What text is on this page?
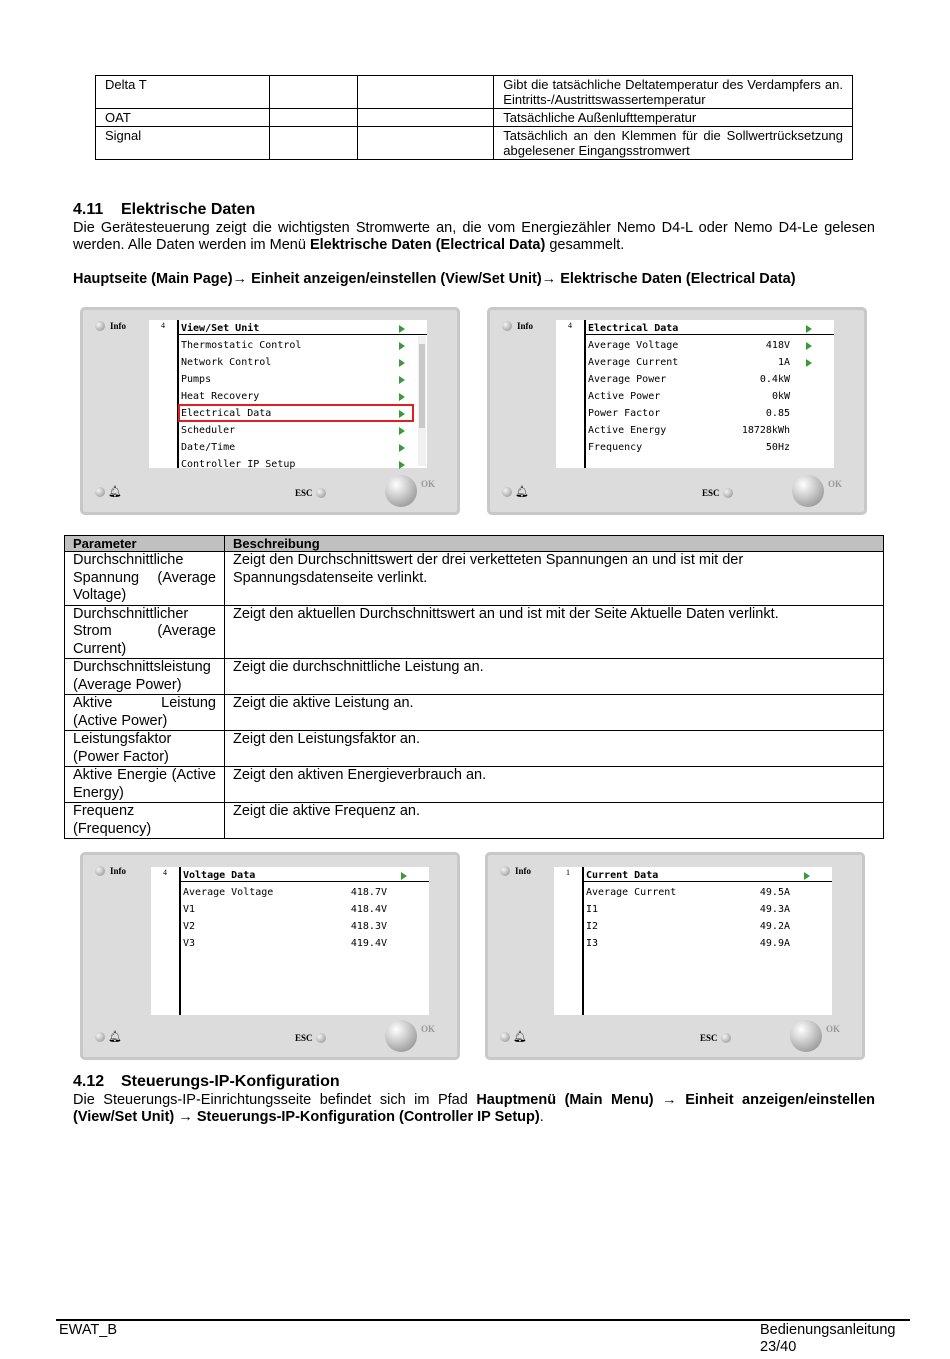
Delta T			Gibt die tatsächliche Deltatemperatur des Verdampfers an. Eintritts-/Austrittswassertemperatur
OAT			Tatsächliche Außenlufttemperatur
Signal			Tatsächlich an den Klemmen für die Sollwertrücksetzung abgelesener Eingangsstromwert
4.11 Elektrische Daten
Die Gerätesteuerung zeigt die wichtigsten Stromwerte an, die vom Energiezähler Nemo D4-L oder Nemo D4-Le gelesen werden. Alle Daten werden im Menü Elektrische Daten (Electrical Data) gesammelt.
Hauptseite (Main Page)→ Einheit anzeigen/einstellen (View/Set Unit)→ Elektrische Daten (Electrical Data)
Info	4 View/Set Unit
Thermostatic Control
Network Control
Pumps
Heat Recovery
Electrical Data
Scheduler
Date/Time
Controller IP Setup
🔔︎	ESC
OK
Info	4 Electrical Data
Average Voltage	418V
Average Current	1A
Average Power	0.4kW
Active Power	0kW
Power Factor	0.85
Active Energy	18728kWh
Frequency	50Hz
🔔︎	ESC
OK
Parameter	Beschreibung
Durchschnittliche Spannung (Average Voltage)	Zeigt den Durchschnittswert der drei verketteten Spannungen an und ist mit der Spannungsdatenseite verlinkt.
Durchschnittlicher Strom (Average Current)	Zeigt den aktuellen Durchschnittswert an und ist mit der Seite Aktuelle Daten verlinkt.
Durchschnittsleistung (Average Power)	Zeigt die durchschnittliche Leistung an.
Aktive Leistung (Active Power)	Zeigt die aktive Leistung an.
Leistungsfaktor (Power Factor)	Zeigt den Leistungsfaktor an.
Aktive Energie (Active Energy)	Zeigt den aktiven Energieverbrauch an.
Frequenz (Frequency)	Zeigt die aktive Frequenz an.
Info	4 Voltage Data
Average Voltage	418.7V
V1	418.4V
V2	418.3V
V3	419.4V
🔔︎	ESC
OK
Info	1 Current Data
Average Current	49.5A
I1	49.3A
I2	49.2A
I3	49.9A
🔔︎	ESC
OK
4.12 Steuerungs-IP-Konfiguration
Die Steuerungs-IP-Einrichtungsseite befindet sich im Pfad Hauptmenü (Main Menu) → Einheit anzeigen/einstellen (View/Set Unit) → Steuerungs-IP-Konfiguration (Controller IP Setup).
EWAT_B	Bedienungsanleitung
23/40
